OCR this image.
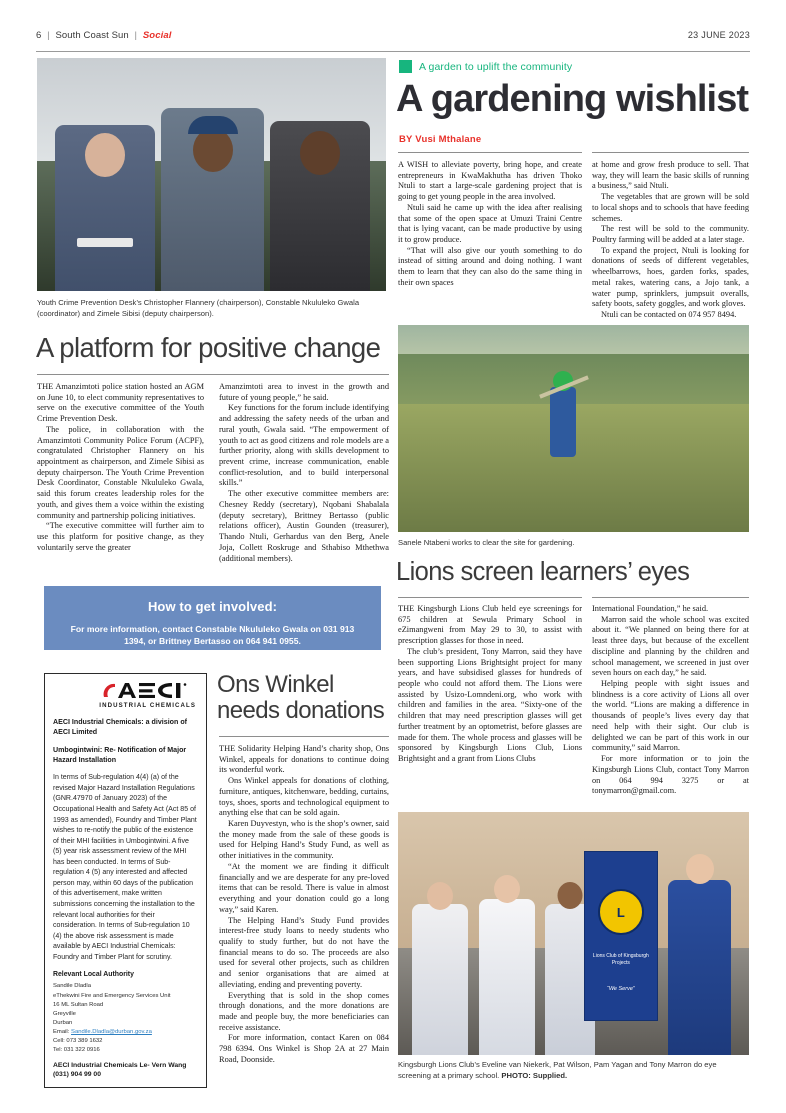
6 | South Coast Sun | Social	23 JUNE 2023
Youth Crime Prevention Desk’s Christopher Flannery (chairperson), Constable Nkululeko Gwala (coordinator) and Zimele Sibisi (deputy chairperson).
A platform for positive change

THE Amanzimtoti police station hosted an AGM on June 10, to elect community representatives to serve on the executive committee of the Youth Crime Prevention Desk.

The police, in collaboration with the Amanzimtoti Community Police Forum (ACPF), congratulated Christopher Flannery on his appointment as chairperson, and Zimele Sibisi as deputy chairperson. The Youth Crime Prevention Desk Coordinator, Constable Nkululeko Gwala, said this forum creates leadership roles for the youth, and gives them a voice within the existing community and partnership policing initiatives.

“The executive committee will further aim to use this platform for positive change, as they voluntarily serve the greater

Amanzimtoti area to invest in the growth and future of young people,” he said.

Key functions for the forum include identifying and addressing the safety needs of the urban and rural youth, Gwala said. “The empowerment of youth to act as good citizens and role models are a further priority, along with skills development to prevent crime, increase communication, enable conflict-resolution, and to build interpersonal skills.”

The other executive committee members are: Chesney Reddy (secretary), Nqobani Shabalala (deputy secretary), Brittney Bertasso (public relations officer), Austin Gounden (treasurer), Thando Ntuli, Gerhardus van den Berg, Anele Joja, Collett Roskruge and Sthabiso Mthethwa (additional members).

How to get involved:
For more information, contact Constable Nkululeko Gwala on 031 913 1394, or Brittney Bertasso on 064 941 0955.
INDUSTRIAL CHEMICALS
AECI Industrial Chemicals: a division of AECI Limited
Umbogintwini: Re- Notification of Major Hazard Installation
In terms of Sub-regulation 4(4) (a) of the revised Major Hazard Installation Regulations (GNR.47970 of January 2023) of the Occupational Health and Safety Act (Act 85 of 1993 as amended), Foundry and Timber Plant wishes to re-notify the public of the existence of their MHI facilities in Umbogintwini. A five (5) year risk assessment review of the MHI has been conducted. In terms of Sub-regulation 4 (5) any interested and affected person may, within 60 days of the publication of this advertisement, make written submissions concerning the installation to the relevant local authorities for their consideration. In terms of Sub-regulation 10 (4) the above risk assessment is made available by AECI Industrial Chemicals: Foundry and Timber Plant for scrutiny.
Relevant Local Authority
Sandile Dladla
eThekwini Fire and Emergency Services Unit
16 ML Sultan Road
Greyville
Durban
Email: Sandile.Dladla@durban.gov.za
Cell: 073 389 1632
Tel: 031 322 0916
AECI Industrial Chemicals Le- Vern Wang
(031) 904 99 00
Ons Winkel
needs donations

THE Solidarity Helping Hand’s charity shop, Ons Winkel, appeals for donations to continue doing its wonderful work.

Ons Winkel appeals for donations of clothing, furniture, antiques, kitchenware, bedding, curtains, toys, shoes, sports and technological equipment to anything else that can be sold again.

Karen Duyvestyn, who is the shop’s owner, said the money made from the sale of these goods is used for Helping Hand’s Study Fund, as well as other initiatives in the community.

“At the moment we are finding it difficult financially and we are desperate for any pre-loved items that can be resold. There is value in almost everything and your donation could go a long way,” said Karen.

The Helping Hand’s Study Fund provides interest-free study loans to needy students who qualify to study further, but do not have the financial means to do so. The proceeds are also used for several other projects, such as children and senior organisations that are aimed at alleviating, ending and preventing poverty.

Everything that is sold in the shop comes through donations, and the more donations are made and people buy, the more beneficiaries can receive assistance.

For more information, contact Karen on 084 798 6394. Ons Winkel is Shop 2A at 27 Main Road, Doonside.

A garden to uplift the community
A gardening wishlist
BY Vusi Mthalane

A WISH to alleviate poverty, bring hope, and create entrepreneurs in KwaMakhutha has driven Thoko Ntuli to start a large-scale gardening project that is going to get young people in the area involved.

Ntuli said he came up with the idea after realising that some of the open space at Umuzi Traini Centre that is lying vacant, can be made productive by using it to grow produce.

“That will also give our youth something to do instead of sitting around and doing nothing. I want them to learn that they can also do the same thing in their own spaces

at home and grow fresh produce to sell. That way, they will learn the basic skills of running a business,” said Ntuli.

The vegetables that are grown will be sold to local shops and to schools that have feeding schemes.

The rest will be sold to the community. Poultry farming will be added at a later stage.

To expand the project, Ntuli is looking for donations of seeds of different vegetables, wheelbarrows, hoes, garden forks, spades, metal rakes, watering cans, a Jojo tank, a water pump, sprinklers, jumpsuit overalls, safety boots, safety goggles, and work gloves.

Ntuli can be contacted on 074 957 8494.

Sanele Ntabeni works to clear the site for gardening.
Lions screen learners’ eyes

THE Kingsburgh Lions Club held eye screenings for 675 children at Sewula Primary School in eZimangweni from May 29 to 30, to assist with prescription glasses for those in need.

The club’s president, Tony Marron, said they have been supporting Lions Brightsight project for many years, and have subsidised glasses for hundreds of people who could not afford them. The Lions were assisted by Usizo-Lomndeni.org, who work with children and families in the area. “Sixty-one of the children that may need prescription glasses will get further treatment by an optometrist, before glasses are made for them. The whole process and glasses will be sponsored by Kingsburgh Lions Club, Lions Brightsight and a grant from Lions Clubs

International Foundation,” he said.

Marron said the whole school was excited about it. “We planned on being there for at least three days, but because of the excellent discipline and planning by the children and school management, we screened in just over seven hours on each day,” he said.

Helping people with sight issues and blindness is a core activity of Lions all over the world. “Lions are making a difference in thousands of people’s lives every day that need help with their sight. Our club is delighted we can be part of this work in our community,” said Marron.

For more information or to join the Kingsburgh Lions Club, contact Tony Marron on 064 994 3275 or at tonymarron@gmail.com.

L
Lions Club of Kingsburgh
Projects
“We Serve”
Kingsburgh Lions Club’s Eveline van Niekerk, Pat Wilson, Pam Yagan and Tony Marron do eye screening at a primary school. PHOTO: Supplied.
